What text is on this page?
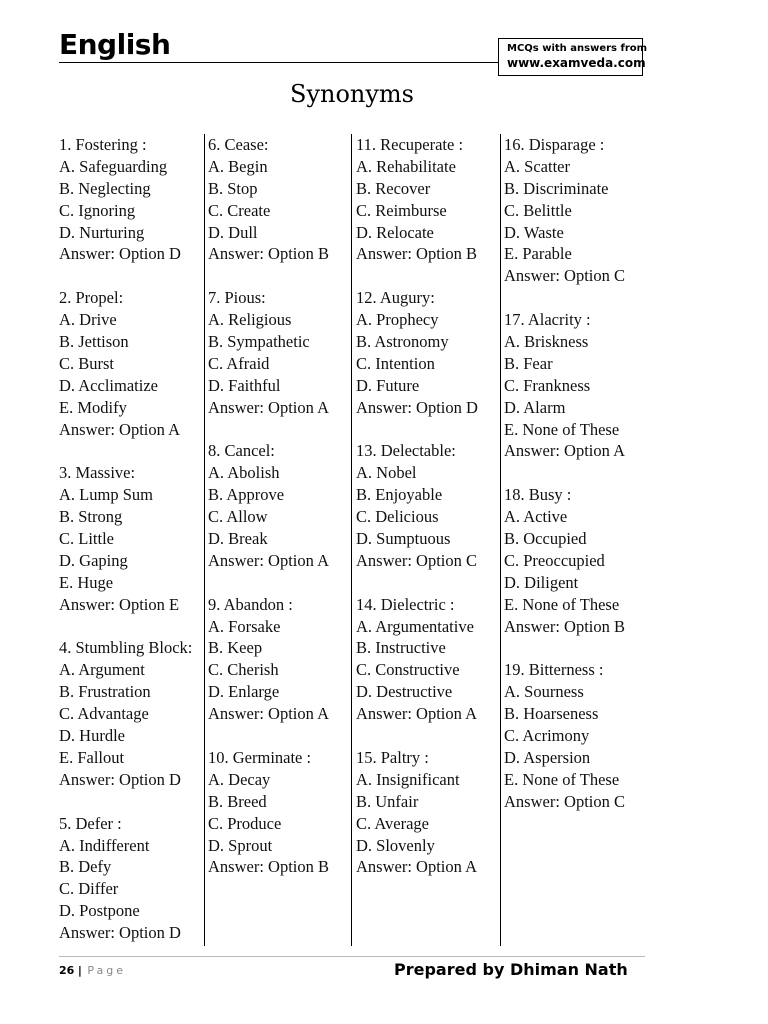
English	MCQs with answers from
www.examveda.com
Synonyms
1. Fostering :
A. Safeguarding
B. Neglecting
C. Ignoring
D. Nurturing
Answer: Option D
2. Propel:
A. Drive
B. Jettison
C. Burst
D. Acclimatize
E. Modify
Answer: Option A
3. Massive:
A. Lump Sum
B. Strong
C. Little
D. Gaping
E. Huge
Answer: Option E
4. Stumbling Block:
A. Argument
B. Frustration
C. Advantage
D. Hurdle
E. Fallout
Answer: Option D
5. Defer :
A. Indifferent
B. Defy
C. Differ
D. Postpone
Answer: Option D
6. Cease:
A. Begin
B. Stop
C. Create
D. Dull
Answer: Option B
7. Pious:
A. Religious
B. Sympathetic
C. Afraid
D. Faithful
Answer: Option A
8. Cancel:
A. Abolish
B. Approve
C. Allow
D. Break
Answer: Option A
9. Abandon :
A. Forsake
B. Keep
C. Cherish
D. Enlarge
Answer: Option A
10. Germinate :
A. Decay
B. Breed
C. Produce
D. Sprout
Answer: Option B
11. Recuperate :
A. Rehabilitate
B. Recover
C. Reimburse
D. Relocate
Answer: Option B
12. Augury:
A. Prophecy
B. Astronomy
C. Intention
D. Future
Answer: Option D
13. Delectable:
A. Nobel
B. Enjoyable
C. Delicious
D. Sumptuous
Answer: Option C
14. Dielectric :
A. Argumentative
B. Instructive
C. Constructive
D. Destructive
Answer: Option A
15. Paltry :
A. Insignificant
B. Unfair
C. Average
D. Slovenly
Answer: Option A
16. Disparage :
A. Scatter
B. Discriminate
C. Belittle
D. Waste
E. Parable
Answer: Option C
17. Alacrity :
A. Briskness
B. Fear
C. Frankness
D. Alarm
E. None of These
Answer: Option A
18. Busy :
A. Active
B. Occupied
C. Preoccupied
D. Diligent
E. None of These
Answer: Option B
19. Bitterness :
A. Sourness
B. Hoarseness
C. Acrimony
D. Aspersion
E. None of These
Answer: Option C
26 | Page	Prepared by Dhiman Nath
